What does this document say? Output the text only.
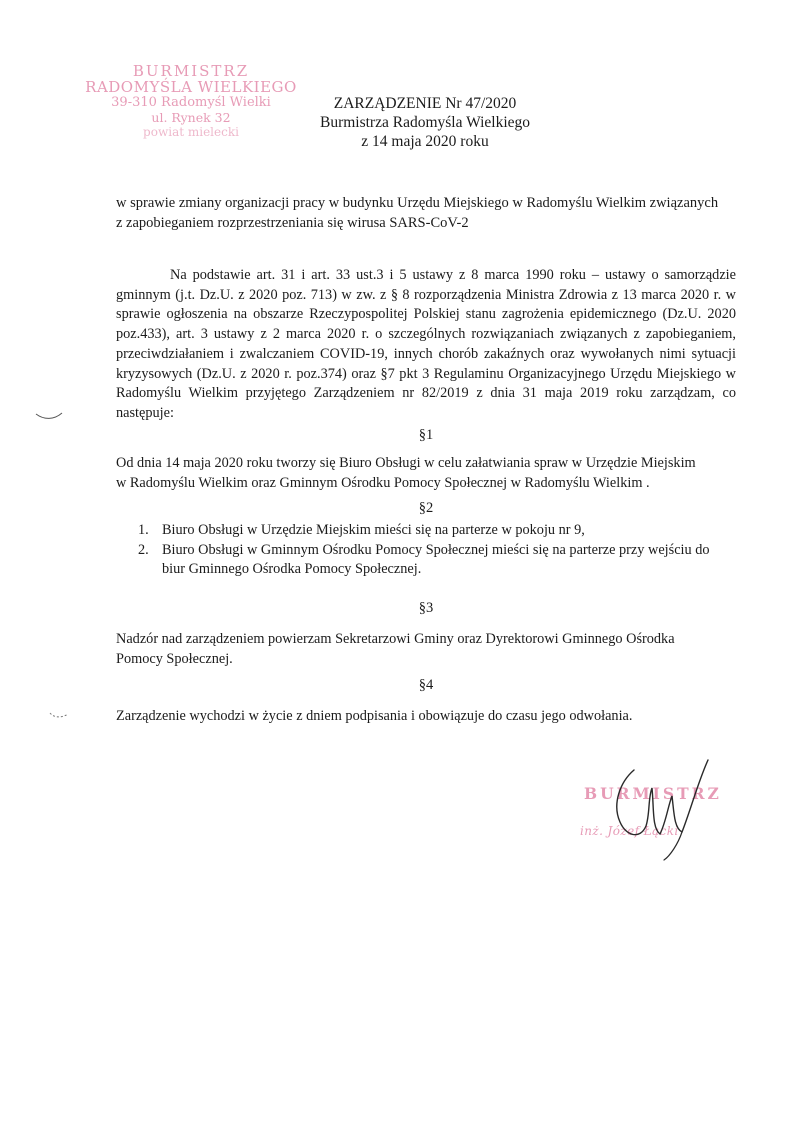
BURMISTRZ
RADOMYŚLA WIELKIEGO
39-310 Radomyśl Wielki
ul. Rynek 32
powiat mielecki
ZARZĄDZENIE Nr 47/2020
Burmistrza Radomyśla Wielkiego
z 14 maja 2020 roku
w sprawie zmiany organizacji pracy w budynku Urzędu Miejskiego w Radomyślu Wielkim związanych
z zapobieganiem rozprzestrzeniania się wirusa SARS-CoV-2
Na podstawie art. 31 i art. 33 ust.3 i 5 ustawy z 8 marca 1990 roku – ustawy o samorządzie gminnym (j.t. Dz.U. z 2020 poz. 713) w zw. z § 8 rozporządzenia Ministra Zdrowia z 13 marca 2020 r. w sprawie ogłoszenia na obszarze Rzeczypospolitej Polskiej stanu zagrożenia epidemicznego (Dz.U. 2020 poz.433), art. 3 ustawy z 2 marca 2020 r. o szczególnych rozwiązaniach związanych z zapobieganiem, przeciwdziałaniem i zwalczaniem COVID-19, innych chorób zakaźnych oraz wywołanych nimi sytuacji kryzysowych (Dz.U. z 2020 r. poz.374) oraz §7 pkt 3 Regulaminu Organizacyjnego Urzędu Miejskiego w Radomyślu Wielkim przyjętego Zarządzeniem nr 82/2019 z dnia 31 maja 2019 roku zarządzam, co następuje:
§1
Od dnia 14 maja 2020 roku tworzy się Biuro Obsługi w celu załatwiania spraw w Urzędzie Miejskim
w Radomyślu Wielkim oraz Gminnym Ośrodku Pomocy Społecznej w Radomyślu Wielkim .
§2
1. Biuro Obsługi w Urzędzie Miejskim mieści się na parterze w pokoju nr 9,
2. Biuro Obsługi w Gminnym Ośrodku Pomocy Społecznej mieści się na parterze przy wejściu do biur Gminnego Ośrodka Pomocy Społecznej.
§3
Nadzór nad zarządzeniem powierzam Sekretarzowi Gminy oraz Dyrektorowi Gminnego Ośrodka
Pomocy Społecznej.
§4
Zarządzenie wychodzi w życie z dniem podpisania i obowiązuje do czasu jego odwołania.
BURMISTRZ
inż. Józef Łącki
